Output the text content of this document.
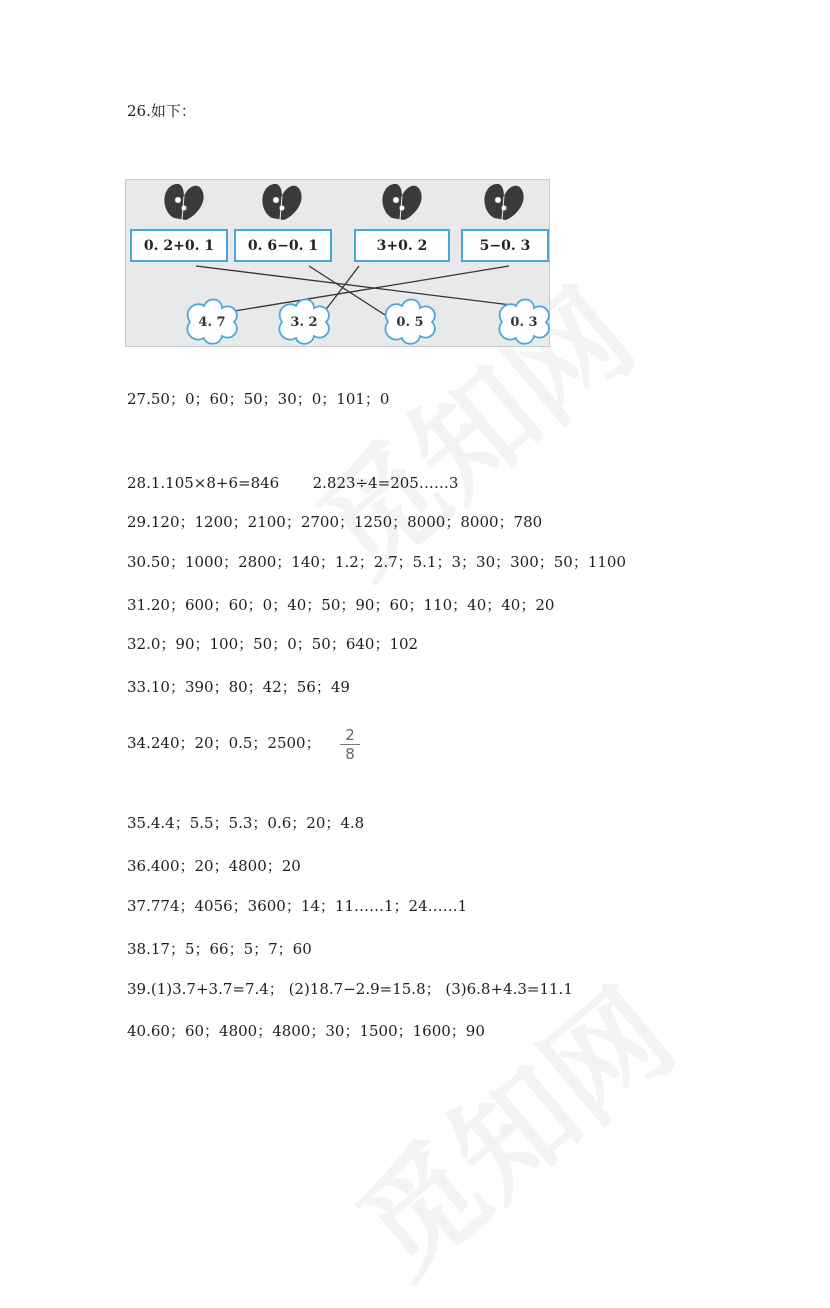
26.如下：
0. 2+0. 1	0. 6−0. 1	3+0. 2	5−0. 3
4. 7	3. 2	0. 5	0. 3
27.50；0；60；50；30；0；101；0
28.1.105×8+6=846       2.823÷4=205……3
29.120；1200；2100；2700；1250；8000；8000；780
30.50；1000；2800；140；1.2；2.7；5.1；3；30；300；50；1100
31.20；600；60；0；40；50；90；60；110；40；40；20
32.0；90；100；50；0；50；640；102
33.10；390；80；42；56；49
34.240；20；0.5；2500；	2
8
35.4.4；5.5；5.3；0.6；20；4.8
36.400；20；4800；20
37.774；4056；3600；14；11……1；24……1
38.17；5；66；5；7；60
39.(1)3.7+3.7=7.4； (2)18.7−2.9=15.8； (3)6.8+4.3=11.1
40.60；60；4800；4800；30；1500；1600；90
